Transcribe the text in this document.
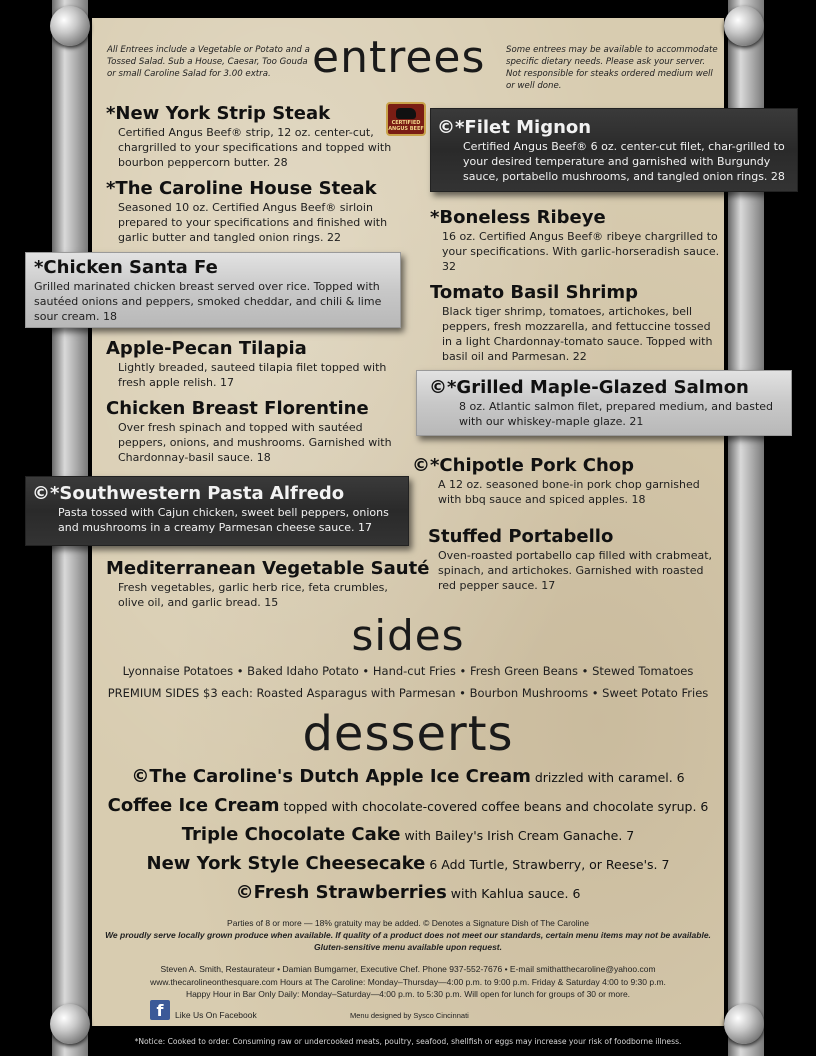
All Entrees include a Vegetable or Potato and a Tossed Salad. Sub a House, Caesar, Too Gouda or small Caroline Salad for 3.00 extra. entrees Some entrees may be available to accommodate specific dietary needs. Please ask your server. Not responsible for steaks ordered medium well or well done.
CERTIFIED ANGUS BEEF
*New York Strip Steak
Certified Angus Beef® strip, 12 oz. center-cut, chargrilled to your specifications and topped with bourbon peppercorn butter. 28
*The Caroline House Steak
Seasoned 10 oz. Certified Angus Beef® sirloin prepared to your specifications and finished with garlic butter and tangled onion rings. 22
*Chicken Santa Fe
Grilled marinated chicken breast served over rice. Topped with sautéed onions and peppers, smoked cheddar, and chili & lime sour cream. 18
Apple-Pecan Tilapia
Lightly breaded, sauteed tilapia filet topped with fresh apple relish. 17
Chicken Breast Florentine
Over fresh spinach and topped with sautéed peppers, onions, and mushrooms. Garnished with Chardonnay-basil sauce. 18
©*Southwestern Pasta Alfredo
Pasta tossed with Cajun chicken, sweet bell peppers, onions and mushrooms in a creamy Parmesan cheese sauce. 17
Mediterranean Vegetable Sauté
Fresh vegetables, garlic herb rice, feta crumbles, olive oil, and garlic bread. 15
©*Filet Mignon
Certified Angus Beef® 6 oz. center-cut filet, char-grilled to your desired temperature and garnished with Burgundy sauce, portabello mushrooms, and tangled onion rings. 28
*Boneless Ribeye
16 oz. Certified Angus Beef® ribeye chargrilled to your specifications. With garlic-horseradish sauce. 32
Tomato Basil Shrimp
Black tiger shrimp, tomatoes, artichokes, bell peppers, fresh mozzarella, and fettuccine tossed in a light Chardonnay-tomato sauce. Topped with basil oil and Parmesan. 22
©*Grilled Maple-Glazed Salmon
8 oz. Atlantic salmon filet, prepared medium, and basted with our whiskey-maple glaze. 21
©*Chipotle Pork Chop
A 12 oz. seasoned bone-in pork chop garnished with bbq sauce and spiced apples. 18
Stuffed Portabello
Oven-roasted portabello cap filled with crabmeat, spinach, and artichokes. Garnished with roasted red pepper sauce. 17
sides
Lyonnaise Potatoes • Baked Idaho Potato • Hand-cut Fries • Fresh Green Beans • Stewed Tomatoes
PREMIUM SIDES $3 each: Roasted Asparagus with Parmesan • Bourbon Mushrooms • Sweet Potato Fries
desserts
©The Caroline's Dutch Apple Ice Cream drizzled with caramel. 6
Coffee Ice Cream topped with chocolate-covered coffee beans and chocolate syrup. 6
Triple Chocolate Cake with Bailey's Irish Cream Ganache. 7
New York Style Cheesecake 6 Add Turtle, Strawberry, or Reese's. 7
©Fresh Strawberries with Kahlua sauce. 6
Parties of 8 or more — 18% gratuity may be added. © Denotes a Signature Dish of The Caroline
We proudly serve locally grown produce when available. If quality of a product does not meet our standards, certain menu items may not be available.
Gluten-sensitive menu available upon request.
Steven A. Smith, Restaurateur • Damian Bumgarner, Executive Chef. Phone 937-552-7676 • E-mail smithatthecaroline@yahoo.com
www.thecarolineonthesquare.com Hours at The Caroline: Monday–Thursday—4:00 p.m. to 9:00 p.m. Friday & Saturday 4:00 to 9:30 p.m.
Happy Hour in Bar Only Daily: Monday–Saturday—4:00 p.m. to 5:30 p.m. Will open for lunch for groups of 30 or more.
f	Like Us On Facebook	Menu designed by Sysco Cincinnati
*Notice: Cooked to order. Consuming raw or undercooked meats, poultry, seafood, shellfish or eggs may increase your risk of foodborne illness.
